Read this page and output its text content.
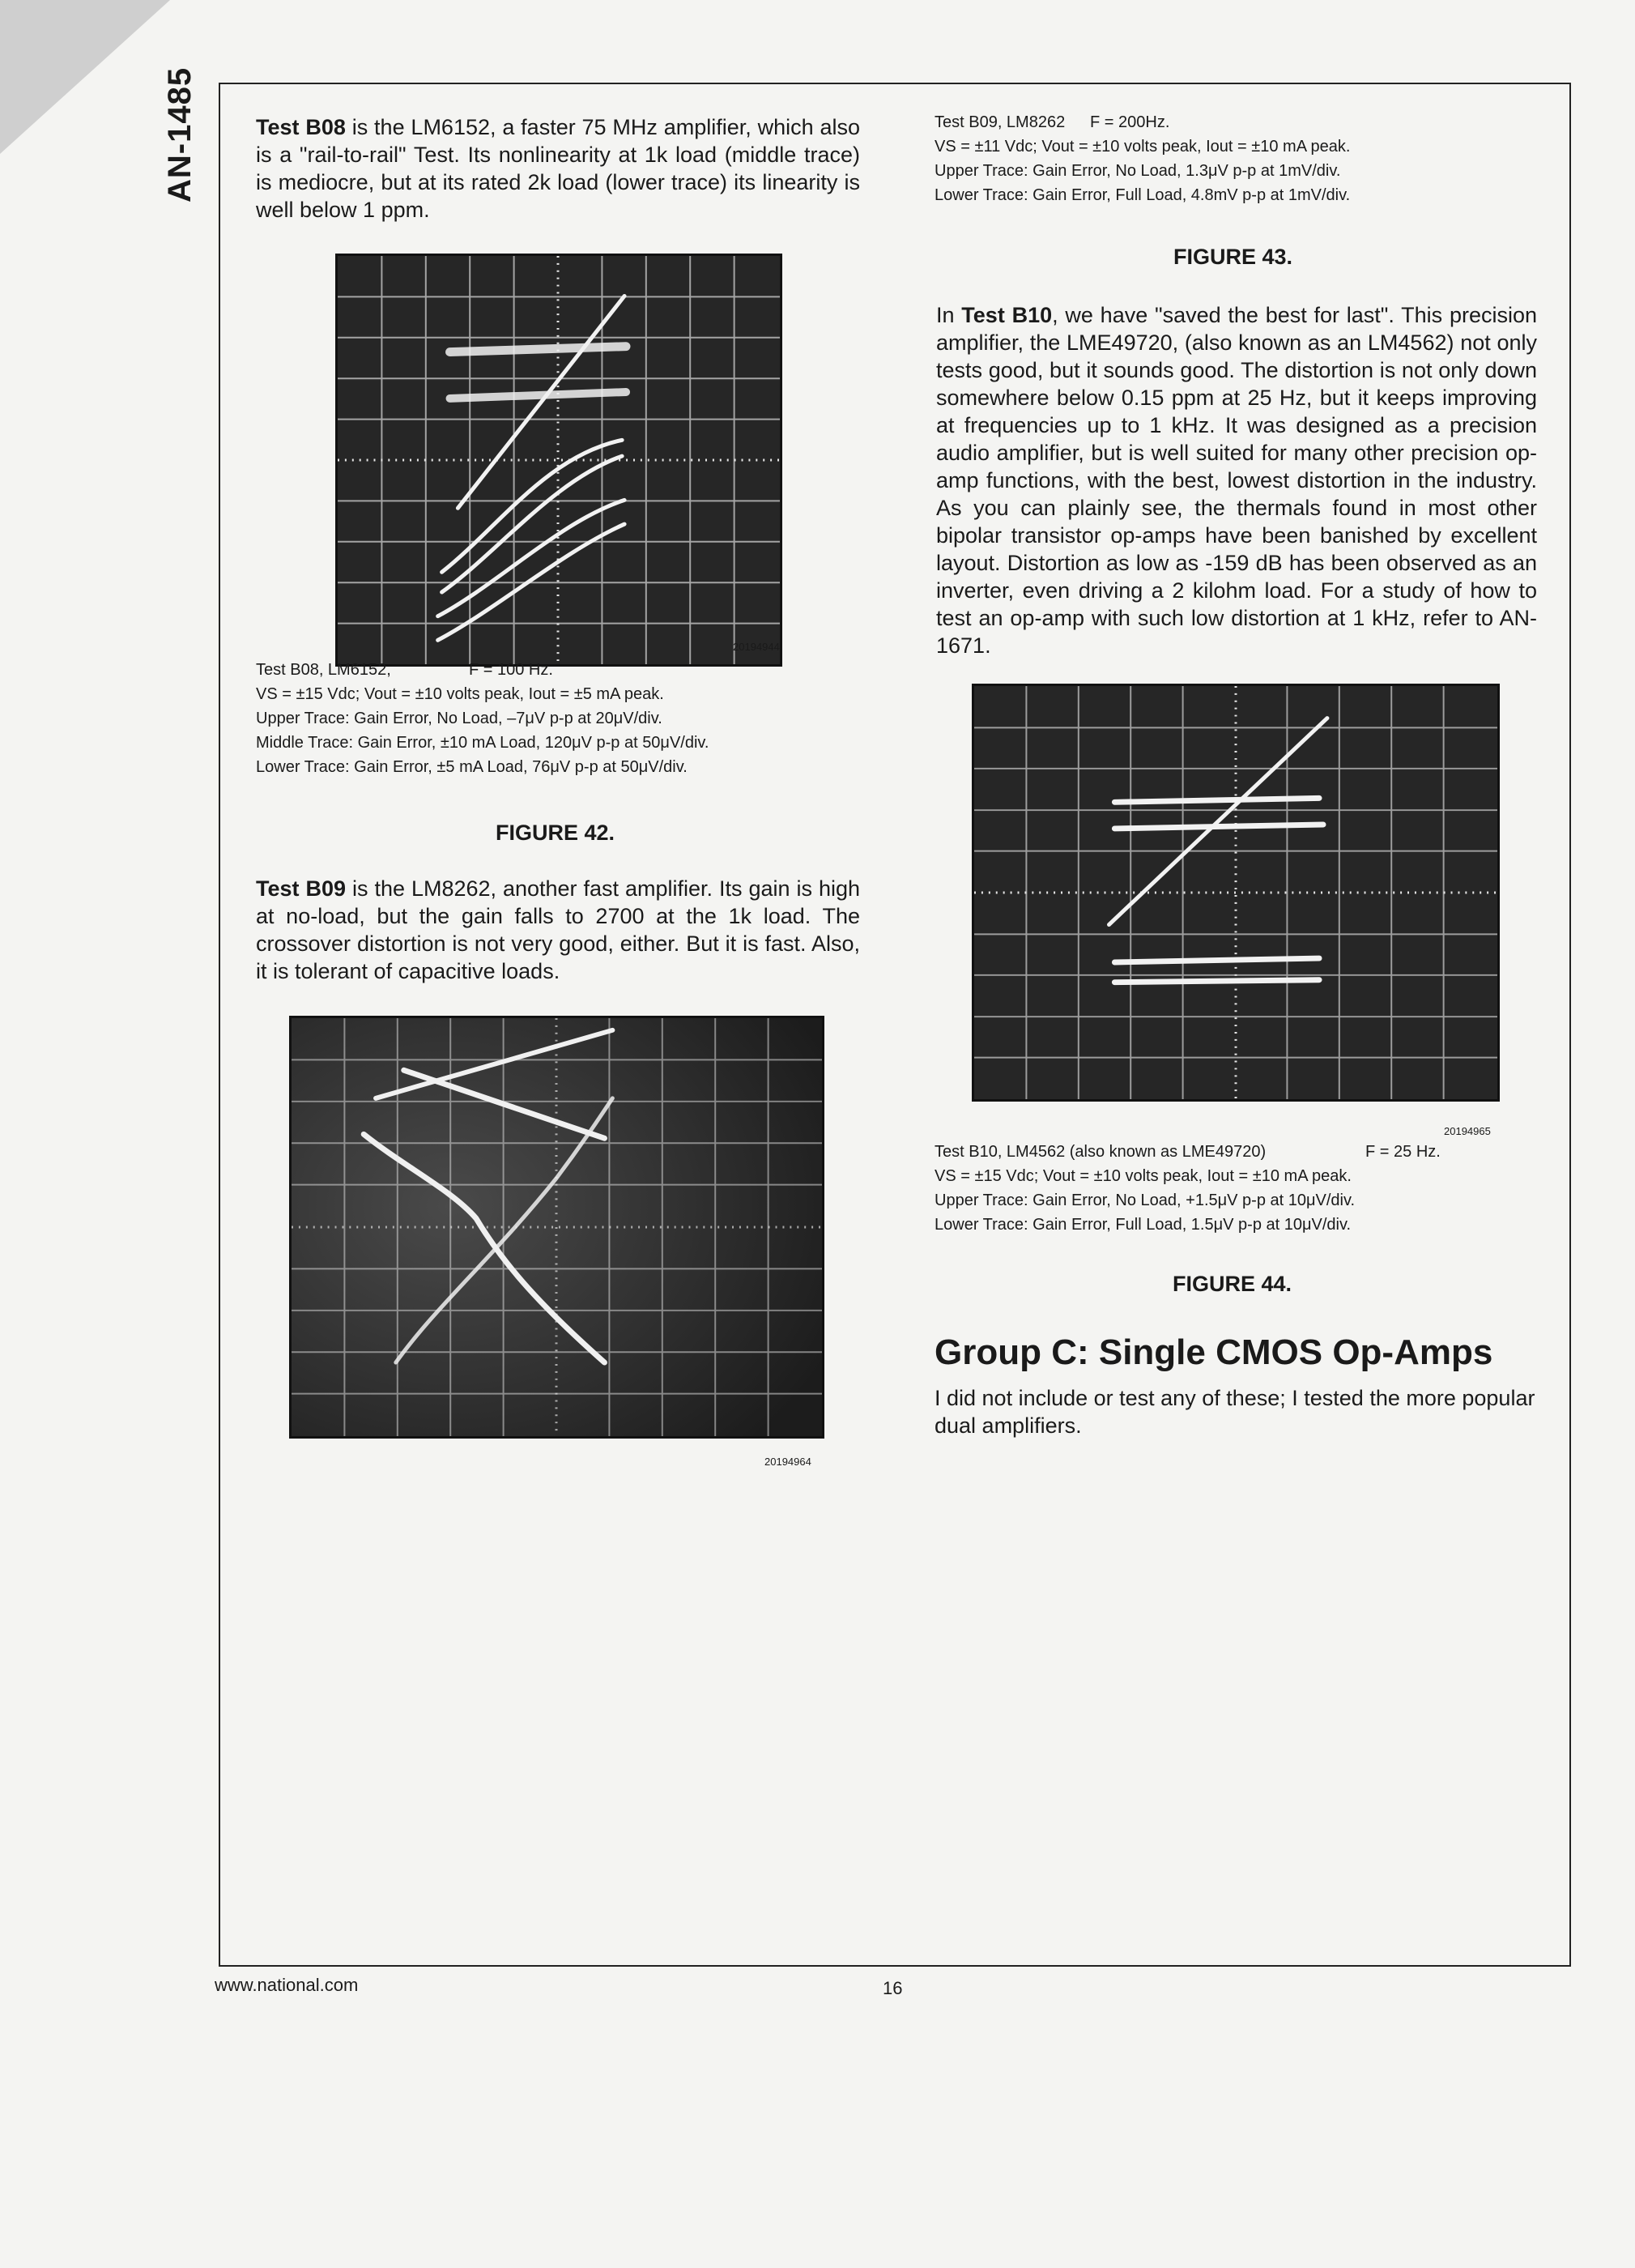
AN-1485	Test B08 is the LM6152, a faster 75 MHz amplifier, which also is a "rail-to-rail" Test. Its nonlinearity at 1k load (middle trace) is mediocre, but at its rated 2k load (lower trace) its linearity is well below 1 ppm.
20194944
Test B08, LM6152,	F = 100 Hz.
VS = ±15 Vdc; Vout = ±10 volts peak, Iout = ±5 mA peak.
Upper Trace: Gain Error, No Load, –7μV p-p at 20μV/div.
Middle Trace: Gain Error, ±10 mA Load, 120μV p-p at 50μV/div.
Lower Trace: Gain Error, ±5 mA Load, 76μV p-p at 50μV/div.
FIGURE 42.
Test B09 is the LM8262, another fast amplifier. Its gain is high at no-load, but the gain falls to 2700 at the 1k load. The crossover distortion is not very good, either. But it is fast. Also, it is tolerant of capacitive loads.
20194964
Test B09, LM8262 F = 200Hz.
VS = ±11 Vdc; Vout = ±10 volts peak, Iout = ±10 mA peak.
Upper Trace: Gain Error, No Load, 1.3μV p-p at 1mV/div.
Lower Trace: Gain Error, Full Load, 4.8mV p-p at 1mV/div.
FIGURE 43.
In Test B10, we have "saved the best for last". This precision amplifier, the LME49720, (also known as an LM4562) not only tests good, but it sounds good. The distortion is not only down somewhere below 0.15 ppm at 25 Hz, but it keeps improving at frequencies up to 1 kHz. It was designed as a precision audio amplifier, but is well suited for many other precision op-amp functions, with the best, lowest distortion in the industry. As you can plainly see, the thermals found in most other bipolar transistor op-amps have been banished by excellent layout. Distortion as low as -159 dB has been observed as an inverter, even driving a 2 kilohm load. For a study of how to test an op-amp with such low distortion at 1 kHz, refer to AN-1671.
20194965
Test B10, LM4562 (also known as LME49720)	F = 25 Hz.
VS = ±15 Vdc; Vout = ±10 volts peak, Iout = ±10 mA peak.
Upper Trace: Gain Error, No Load, +1.5μV p-p at 10μV/div.
Lower Trace: Gain Error, Full Load, 1.5μV p-p at 10μV/div.
FIGURE 44.
Group C: Single CMOS Op-Amps
I did not include or test any of these; I tested the more popular dual amplifiers.
www.national.com	16
